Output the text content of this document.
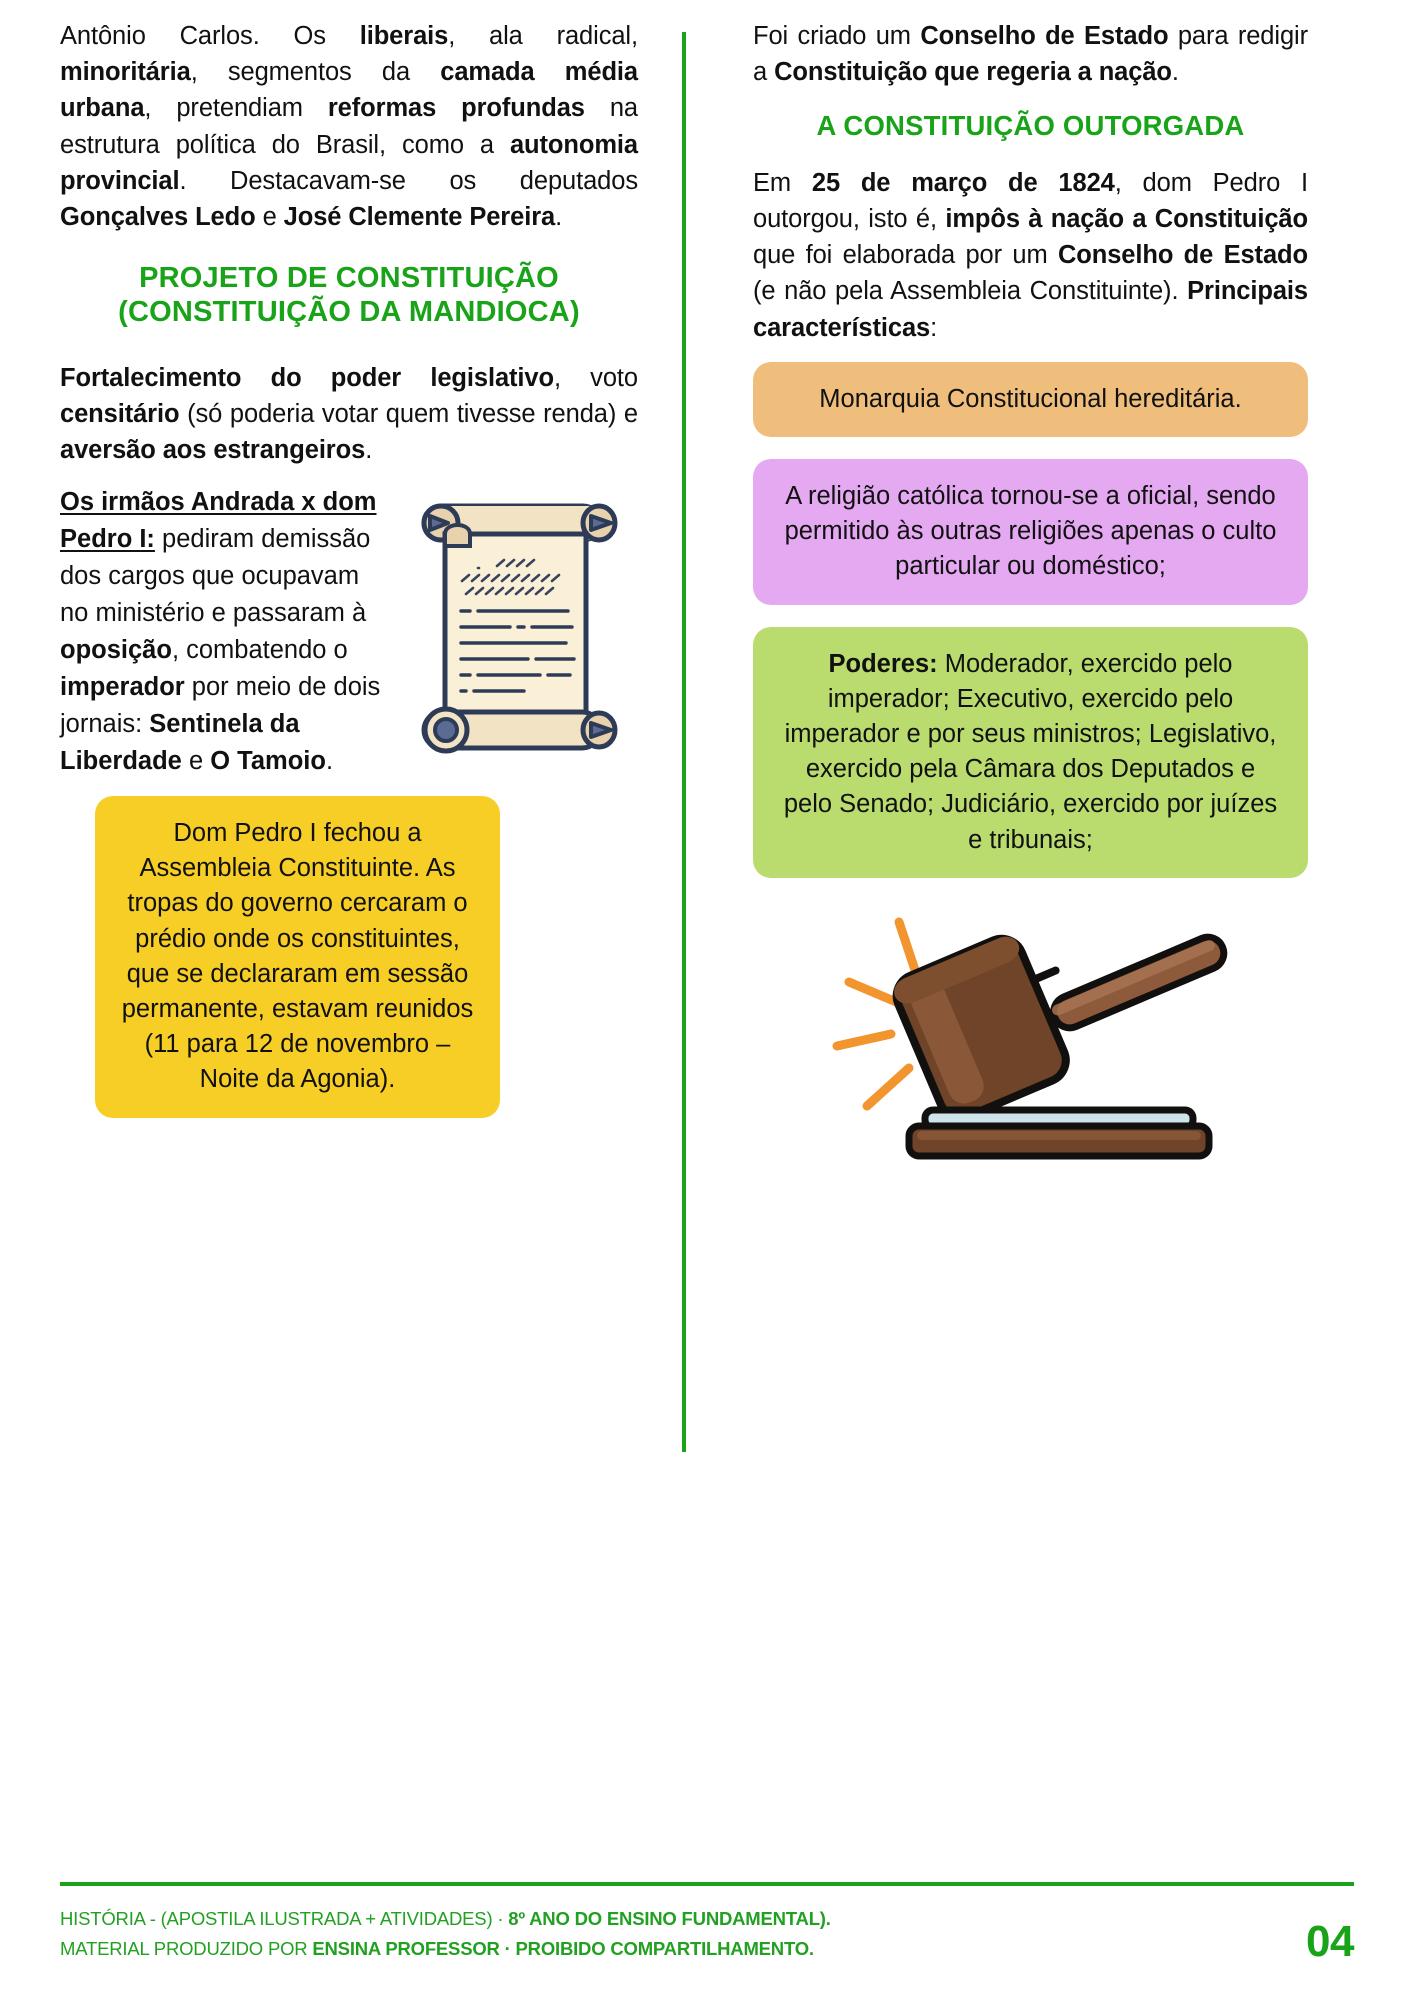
Antônio Carlos. Os liberais, ala radical, minoritária, segmentos da camada média urbana, pretendiam reformas profundas na estrutura política do Brasil, como a autonomia provincial. Destacavam-se os deputados Gonçalves Ledo e José Clemente Pereira.

PROJETO DE CONSTITUIÇÃO (CONSTITUIÇÃO DA MANDIOCA)

Fortalecimento do poder legislativo, voto censitário (só poderia votar quem tivesse renda) e aversão aos estrangeiros.

Os irmãos Andrada x dom Pedro I: pediram demissão dos cargos que ocupavam no ministério e passaram à oposição, combatendo o imperador por meio de dois jornais: Sentinela da Liberdade e O Tamoio.

Dom Pedro I fechou a Assembleia Constituinte. As tropas do governo cercaram o prédio onde os constituintes, que se declararam em sessão permanente, estavam reunidos (11 para 12 de novembro – Noite da Agonia).

Foi criado um Conselho de Estado para redigir a Constituição que regeria a nação.

A CONSTITUIÇÃO OUTORGADA

Em 25 de março de 1824, dom Pedro I outorgou, isto é, impôs à nação a Constituição que foi elaborada por um Conselho de Estado (e não pela Assembleia Constituinte). Principais características:

Monarquia Constitucional hereditária.
A religião católica tornou-se a oficial, sendo permitido às outras religiões apenas o culto particular ou doméstico;
Poderes: Moderador, exercido pelo imperador; Executivo, exercido pelo imperador e por seus ministros; Legislativo, exercido pela Câmara dos Deputados e pelo Senado; Judiciário, exercido por juízes e tribunais;
HISTÓRIA - (APOSTILA ILUSTRADA + ATIVIDADES) · 8º ANO DO ENSINO FUNDAMENTAL).
MATERIAL PRODUZIDO POR ENSINA PROFESSOR · PROIBIDO COMPARTILHAMENTO.	04
